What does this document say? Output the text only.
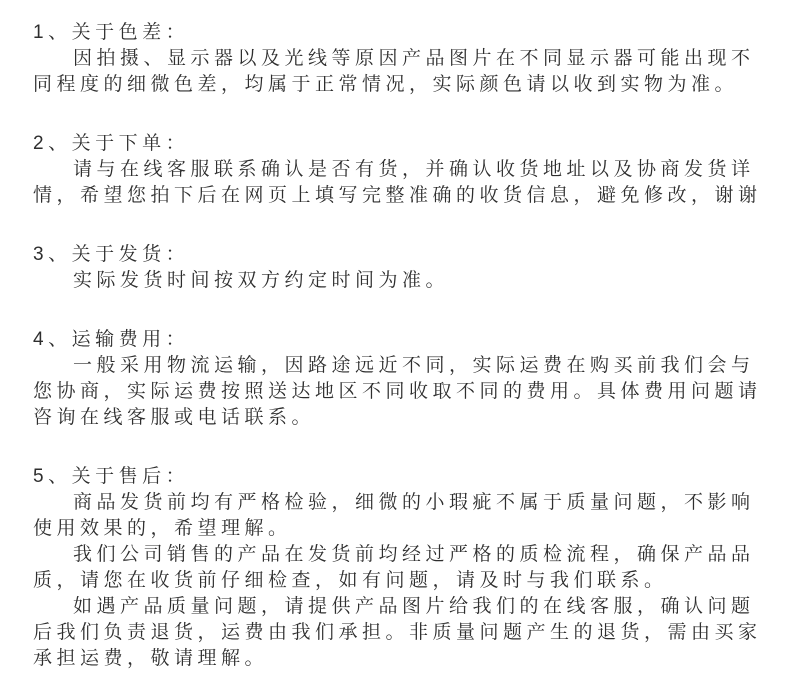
1、关于色差：

因拍摄、显示器以及光线等原因产品图片在不同显示器可能出现不同程度的细微色差，均属于正常情况，实际颜色请以收到实物为准。

2、关于下单：

请与在线客服联系确认是否有货，并确认收货地址以及协商发货详情，希望您拍下后在网页上填写完整准确的收货信息，避免修改，谢谢

3、关于发货：

实际发货时间按双方约定时间为准。

4、运输费用：

一般采用物流运输，因路途远近不同，实际运费在购买前我们会与您协商，实际运费按照送达地区不同收取不同的费用。具体费用问题请咨询在线客服或电话联系。

5、关于售后：

商品发货前均有严格检验，细微的小瑕疵不属于质量问题，不影响使用效果的，希望理解。

我们公司销售的产品在发货前均经过严格的质检流程，确保产品品质，请您在收货前仔细检查，如有问题，请及时与我们联系。

如遇产品质量问题，请提供产品图片给我们的在线客服，确认问题后我们负责退货，运费由我们承担。非质量问题产生的退货，需由买家承担运费，敬请理解。
